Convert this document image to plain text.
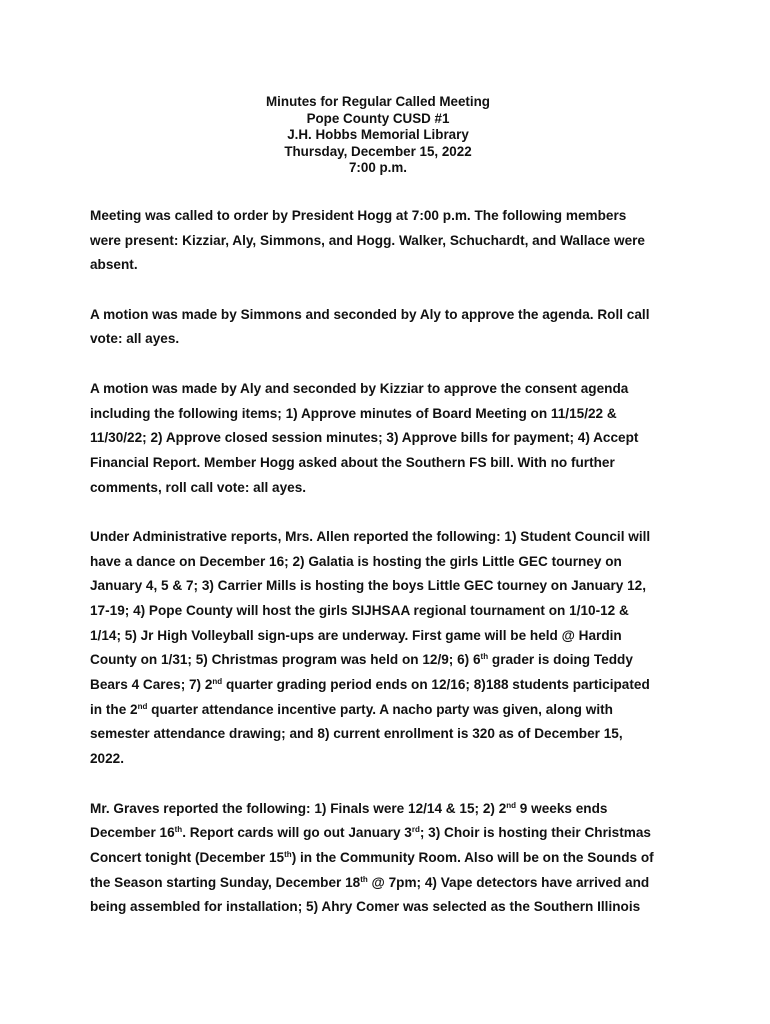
Minutes for Regular Called Meeting
Pope County CUSD #1
J.H. Hobbs Memorial Library
Thursday, December 15, 2022
7:00 p.m.
Meeting was called to order by President Hogg at 7:00 p.m. The following members
were present: Kizziar, Aly, Simmons, and Hogg. Walker, Schuchardt, and Wallace were
absent.
A motion was made by Simmons and seconded by Aly to approve the agenda. Roll call
vote: all ayes.
A motion was made by Aly and seconded by Kizziar to approve the consent agenda
including the following items; 1) Approve minutes of Board Meeting on 11/15/22 &
11/30/22; 2) Approve closed session minutes; 3) Approve bills for payment; 4) Accept
Financial Report. Member Hogg asked about the Southern FS bill. With no further
comments, roll call vote: all ayes.
Under Administrative reports, Mrs. Allen reported the following: 1) Student Council will
have a dance on December 16; 2) Galatia is hosting the girls Little GEC tourney on
January 4, 5 & 7; 3) Carrier Mills is hosting the boys Little GEC tourney on January 12,
17-19; 4) Pope County will host the girls SIJHSAA regional tournament on 1/10-12 &
1/14; 5) Jr High Volleyball sign-ups are underway. First game will be held @ Hardin
County on 1/31; 5) Christmas program was held on 12/9; 6) 6th grader is doing Teddy
Bears 4 Cares; 7) 2nd quarter grading period ends on 12/16; 8)188 students participated
in the 2nd quarter attendance incentive party. A nacho party was given, along with
semester attendance drawing; and 8) current enrollment is 320 as of December 15,
2022.
Mr. Graves reported the following: 1) Finals were 12/14 & 15; 2) 2nd 9 weeks ends
December 16th. Report cards will go out January 3rd; 3) Choir is hosting their Christmas
Concert tonight (December 15th) in the Community Room. Also will be on the Sounds of
the Season starting Sunday, December 18th @ 7pm; 4) Vape detectors have arrived and
being assembled for installation; 5) Ahry Comer was selected as the Southern Illinois
